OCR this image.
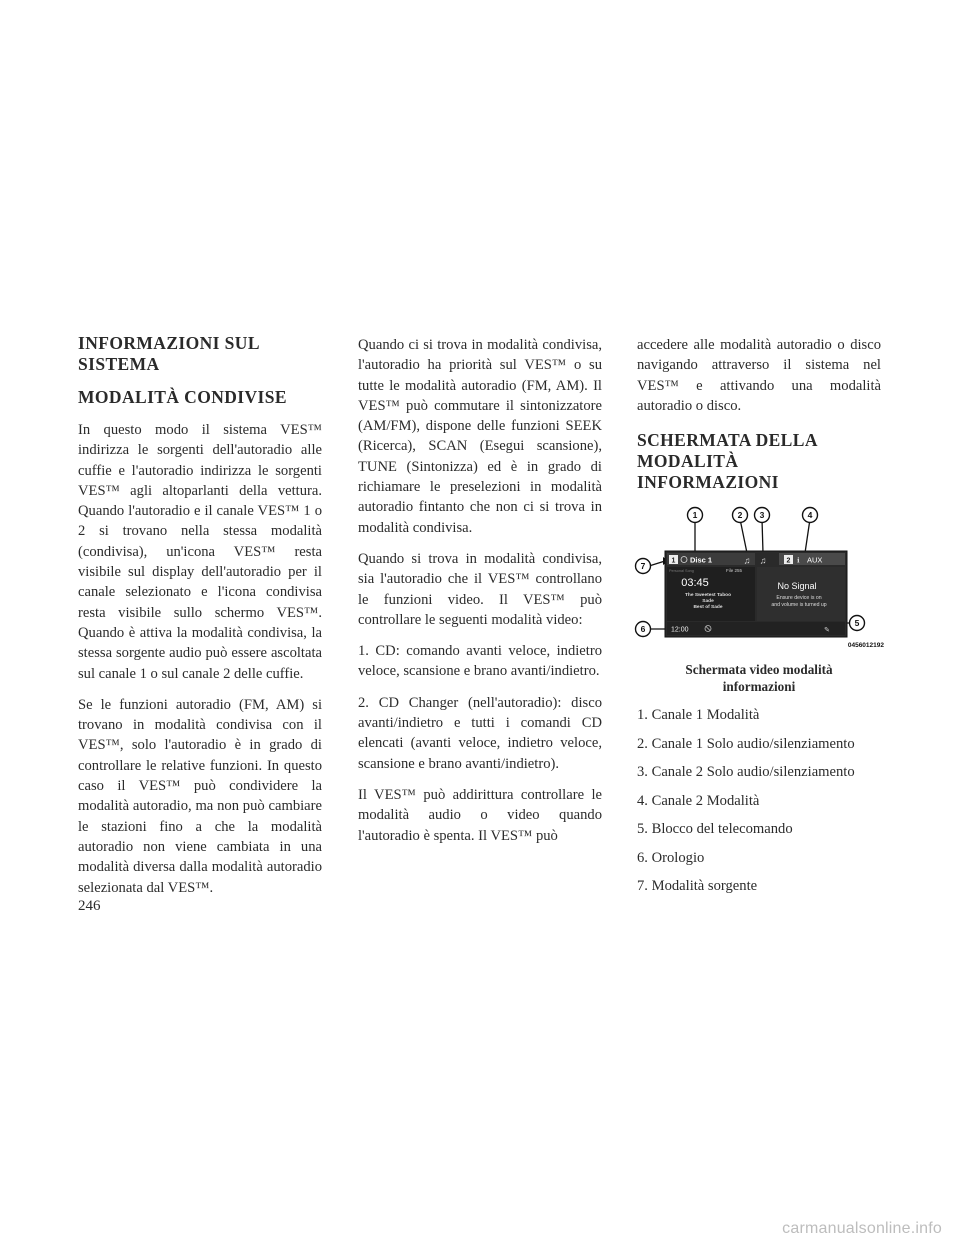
INFORMAZIONI SUL SISTEMA
MODALITÀ CONDIVISE

In questo modo il sistema VES™ indirizza le sorgenti dell'autoradio alle cuffie e l'autoradio indirizza le sorgenti VES™ agli altoparlanti della vettura. Quando l'autoradio e il canale VES™ 1 o 2 si trovano nella stessa modalità (condivisa), un'icona VES™ resta visibile sul display dell'autoradio per il canale selezionato e l'icona condivisa resta visibile sullo schermo VES™. Quando è attiva la modalità condivisa, la stessa sorgente audio può essere ascoltata sul canale 1 o sul canale 2 delle cuffie.

Se le funzioni autoradio (FM, AM) si trovano in modalità condivisa con il VES™, solo l'autoradio è in grado di controllare le relative funzioni. In questo caso il VES™ può condividere la modalità autoradio, ma non può cambiare le stazioni fino a che la modalità autoradio non viene cambiata in una modalità diversa dalla modalità autoradio selezionata dal VES™.

Quando ci si trova in modalità condivisa, l'autoradio ha priorità sul VES™ o su tutte le modalità autoradio (FM, AM). Il VES™ può commutare il sintonizzatore (AM/FM), dispone delle funzioni SEEK (Ricerca), SCAN (Esegui scansione), TUNE (Sintonizza) ed è in grado di richiamare le preselezioni in modalità autoradio fintanto che non ci si trova in modalità condivisa.

Quando si trova in modalità condivisa, sia l'autoradio che il VES™ controllano le funzioni video. Il VES™ può controllare le seguenti modalità video:

1. CD: comando avanti veloce, indietro veloce, scansione e brano avanti/indietro.

2. CD Changer (nell'autoradio): disco avanti/indietro e tutti i comandi CD elencati (avanti veloce, indietro veloce, scansione e brano avanti/indietro).

Il VES™ può addirittura controllare le modalità audio o video quando l'autoradio è spenta. Il VES™ può

accedere alle modalità autoradio o disco navigando attraverso il sistema nel VES™ e attivando una modalità autoradio o disco.

SCHERMATA DELLA MODALITÀ INFORMAZIONI
1 Disc 1	♫ ♫	2 ℹ AUX
Personal Song	File 255
03:45
The Sweetest Taboo
Sade
Best of Sade
No Signal
Ensure device is on
and volume is turned up
12:00	✎
1	2 3	4
5
6
7
0456012192
Schermata video modalità informazioni
1. Canale 1 Modalità
2. Canale 1 Solo audio/silenziamento
3. Canale 2 Solo audio/silenziamento
4. Canale 2 Modalità
5. Blocco del telecomando
6. Orologio
7. Modalità sorgente
246
carmanualsonline.info
